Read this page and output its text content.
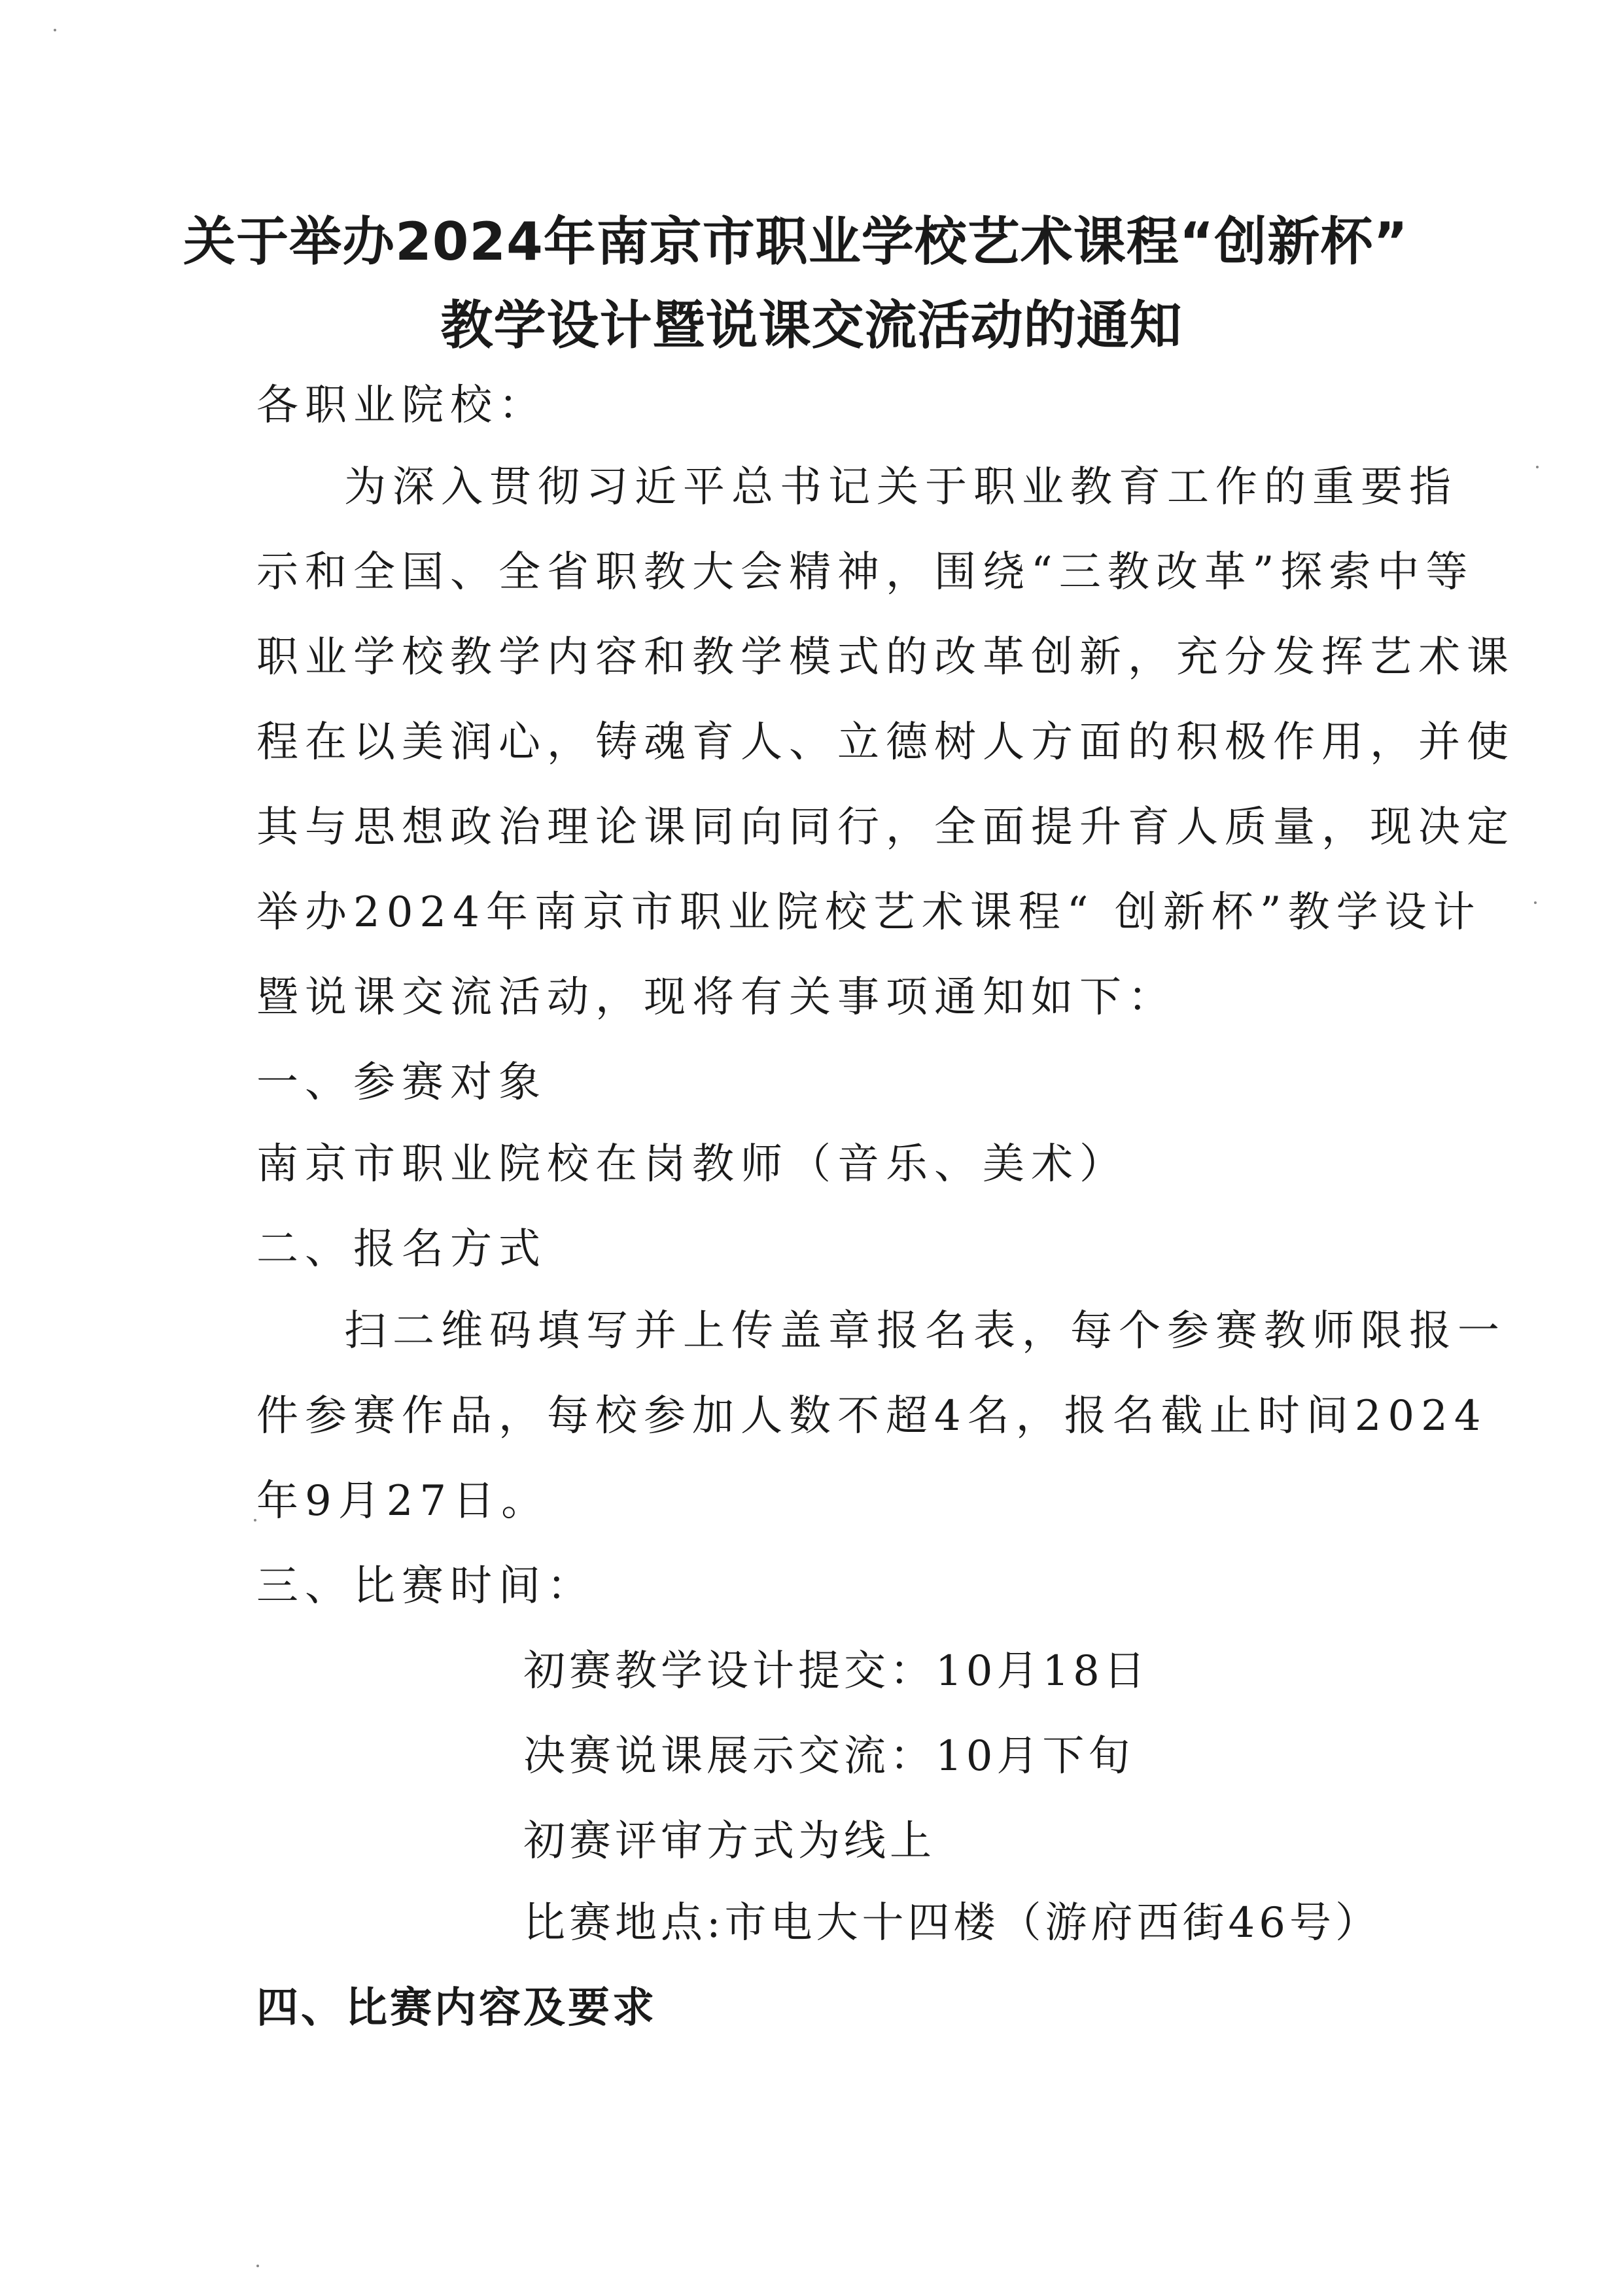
关于举办2024年南京市职业学校艺术课程“创新杯”
教学设计暨说课交流活动的通知
各职业院校：
为深入贯彻习近平总书记关于职业教育工作的重要指
示和全国、全省职教大会精神，围绕“三教改革”探索中等
职业学校教学内容和教学模式的改革创新，充分发挥艺术课
程在以美润心，铸魂育人、立德树人方面的积极作用，并使
其与思想政治理论课同向同行，全面提升育人质量，现决定
举办2024年南京市职业院校艺术课程“ 创新杯”教学设计
暨说课交流活动，现将有关事项通知如下：
一、参赛对象
南京市职业院校在岗教师（音乐、美术）
二、报名方式
扫二维码填写并上传盖章报名表，每个参赛教师限报一
件参赛作品，每校参加人数不超4名，报名截止时间2024
年9月27日。
三、比赛时间：
初赛教学设计提交：10月18日
决赛说课展示交流：10月下旬
初赛评审方式为线上
比赛地点:市电大十四楼（游府西街46号）
四、比赛内容及要求
